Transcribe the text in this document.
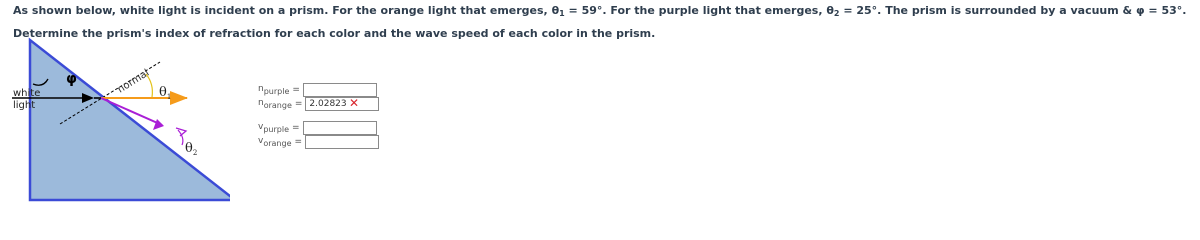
As shown below, white light is incident on a prism. For the orange light that emerges, $\theta_1 = 59^\circ$. For the purple light that emerges, $\theta_2 = 25^\circ$. The prism is surrounded by a vacuum & φ = 53°. Determine the prism's index of refraction for each color and the wave speed of each color in the prism.
φ	normal
white
light
$\theta_1$
$\theta_2$
$n_{purple}$ =
$n_{orange} = 2.02823$ ✕
$v_{purple}$ =
$v_{orange}$ =
